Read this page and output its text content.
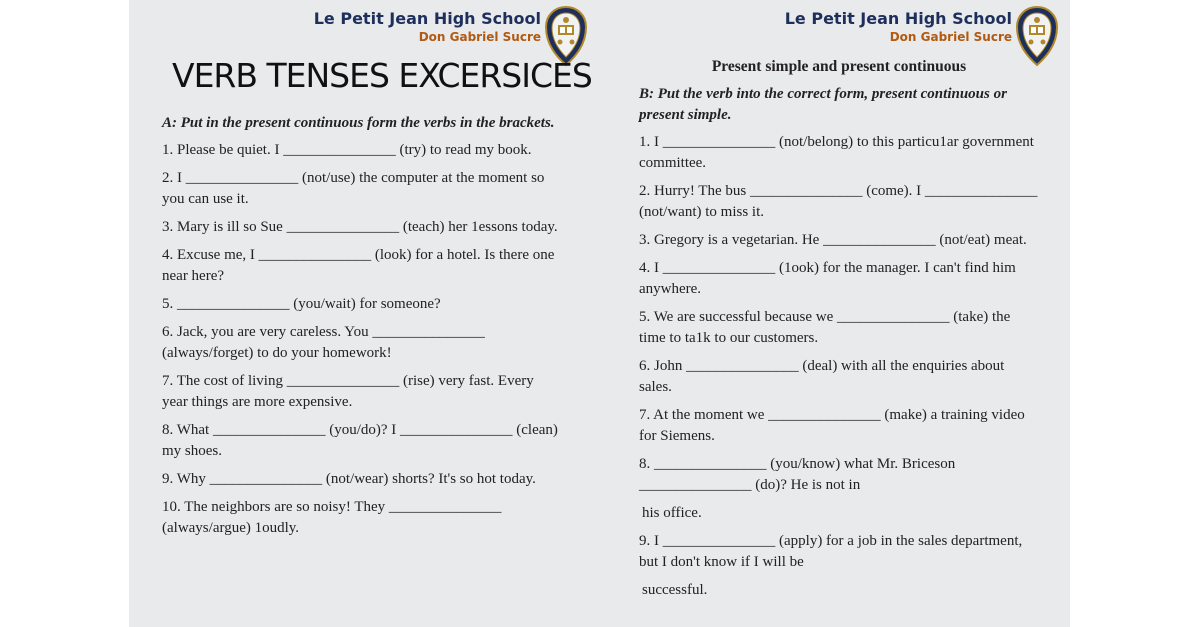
Le Petit Jean High School
Don Gabriel Sucre
VERB TENSES EXCERSICES
A: Put in the present continuous form the verbs in the brackets.
1. Please be quiet. I _______________ (try) to read my book.
2. I _______________ (not/use) the computer at the moment so you can use it.
3. Mary is ill so Sue _______________ (teach) her 1essons today.
4. Excuse me, I _______________ (look) for a hotel. Is there one near here?
5. _______________ (you/wait) for someone?
6. Jack, you are very careless. You _______________ (always/forget) to do your homework!
7. The cost of living _______________ (rise) very fast. Every year things are more expensive.
8. What _______________ (you/do)? I _______________ (clean) my shoes.
9. Why _______________ (not/wear) shorts? It's so hot today.
10. The neighbors are so noisy! They _______________ (always/argue) 1oudly.
Le Petit Jean High School
Don Gabriel Sucre
Present simple and present continuous
B: Put the verb into the correct form, present continuous or present simple.
1. I _______________ (not/belong) to this particu1ar government committee.
2. Hurry! The bus _______________ (come). I _______________ (not/want) to miss it.
3. Gregory is a vegetarian. He _______________ (not/eat) meat.
4. I _______________ (1ook) for the manager. I can't find him anywhere.
5. We are successful because we _______________ (take) the time to ta1k to our customers.
6. John _______________ (deal) with all the enquiries about sales.
7. At the moment we _______________ (make) a training video for Siemens.
8. _______________ (you/know) what Mr. Briceson _______________ (do)? He is not in
his office.
9. I _______________ (apply) for a job in the sales department, but I don't know if I will be
successful.
